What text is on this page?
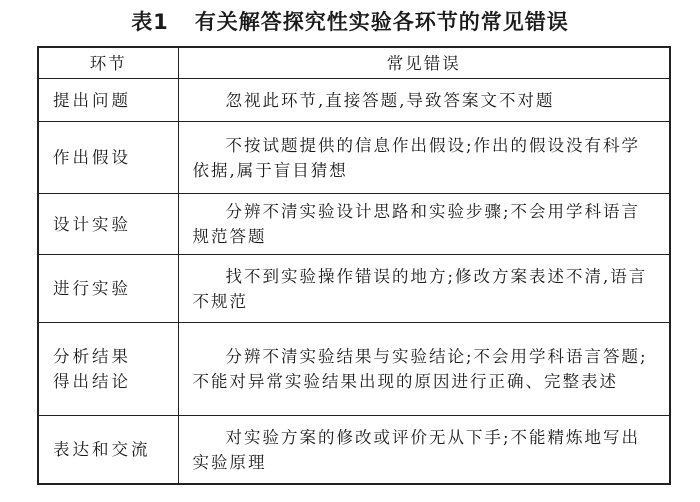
表1 有关解答探究性实验各环节的常见错误
环节	常见错误
提出问题	忽视此环节,直接答题,导致答案文不对题
作出假设	不按试题提供的信息作出假设;作出的假设没有科学依据,属于盲目猜想
设计实验	分辨不清实验设计思路和实验步骤;不会用学科语言规范答题
进行实验	找不到实验操作错误的地方;修改方案表述不清,语言不规范
分析结果得出结论	分辨不清实验结果与实验结论;不会用学科语言答题;不能对异常实验结果出现的原因进行正确、完整表述
表达和交流	对实验方案的修改或评价无从下手;不能精炼地写出实验原理
